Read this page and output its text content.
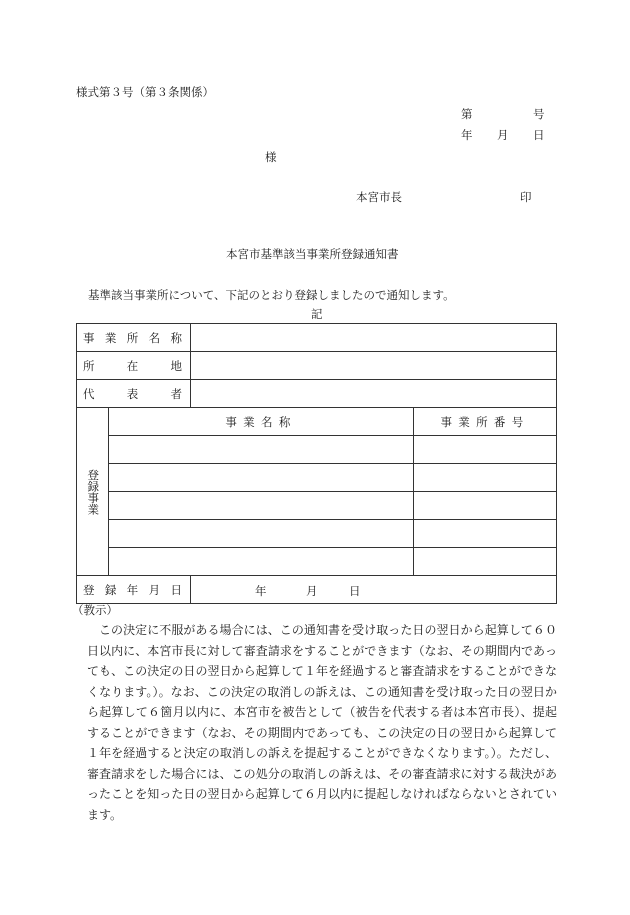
様式第３号（第３条関係）
第	号
年 月 日
様
本宮市長	印
本宮市基準該当事業所登録通知書
基準該当事業所について、下記のとおり登録しましたので通知します。
記
事 業 所 名 称			

所 在 地			

代 表 者			

登録事業	事業名称		事業所番号

登 録 年 月 日		年 月 日	
（教示）
この決定に不服がある場合には、この通知書を受け取った日の翌日から起算して６０日以内に、本宮市長に対して審査請求をすることができます（なお、その期間内であっても、この決定の日の翌日から起算して１年を経過すると審査請求をすることができなくなります。）。なお、この決定の取消しの訴えは、この通知書を受け取った日の翌日から起算して６箇月以内に、本宮市を被告として（被告を代表する者は本宮市長）、提起することができます（なお、その期間内であっても、この決定の日の翌日から起算して１年を経過すると決定の取消しの訴えを提起することができなくなります。）。ただし、審査請求をした場合には、この処分の取消しの訴えは、その審査請求に対する裁決があったことを知った日の翌日から起算して６月以内に提起しなければならないとされています。
